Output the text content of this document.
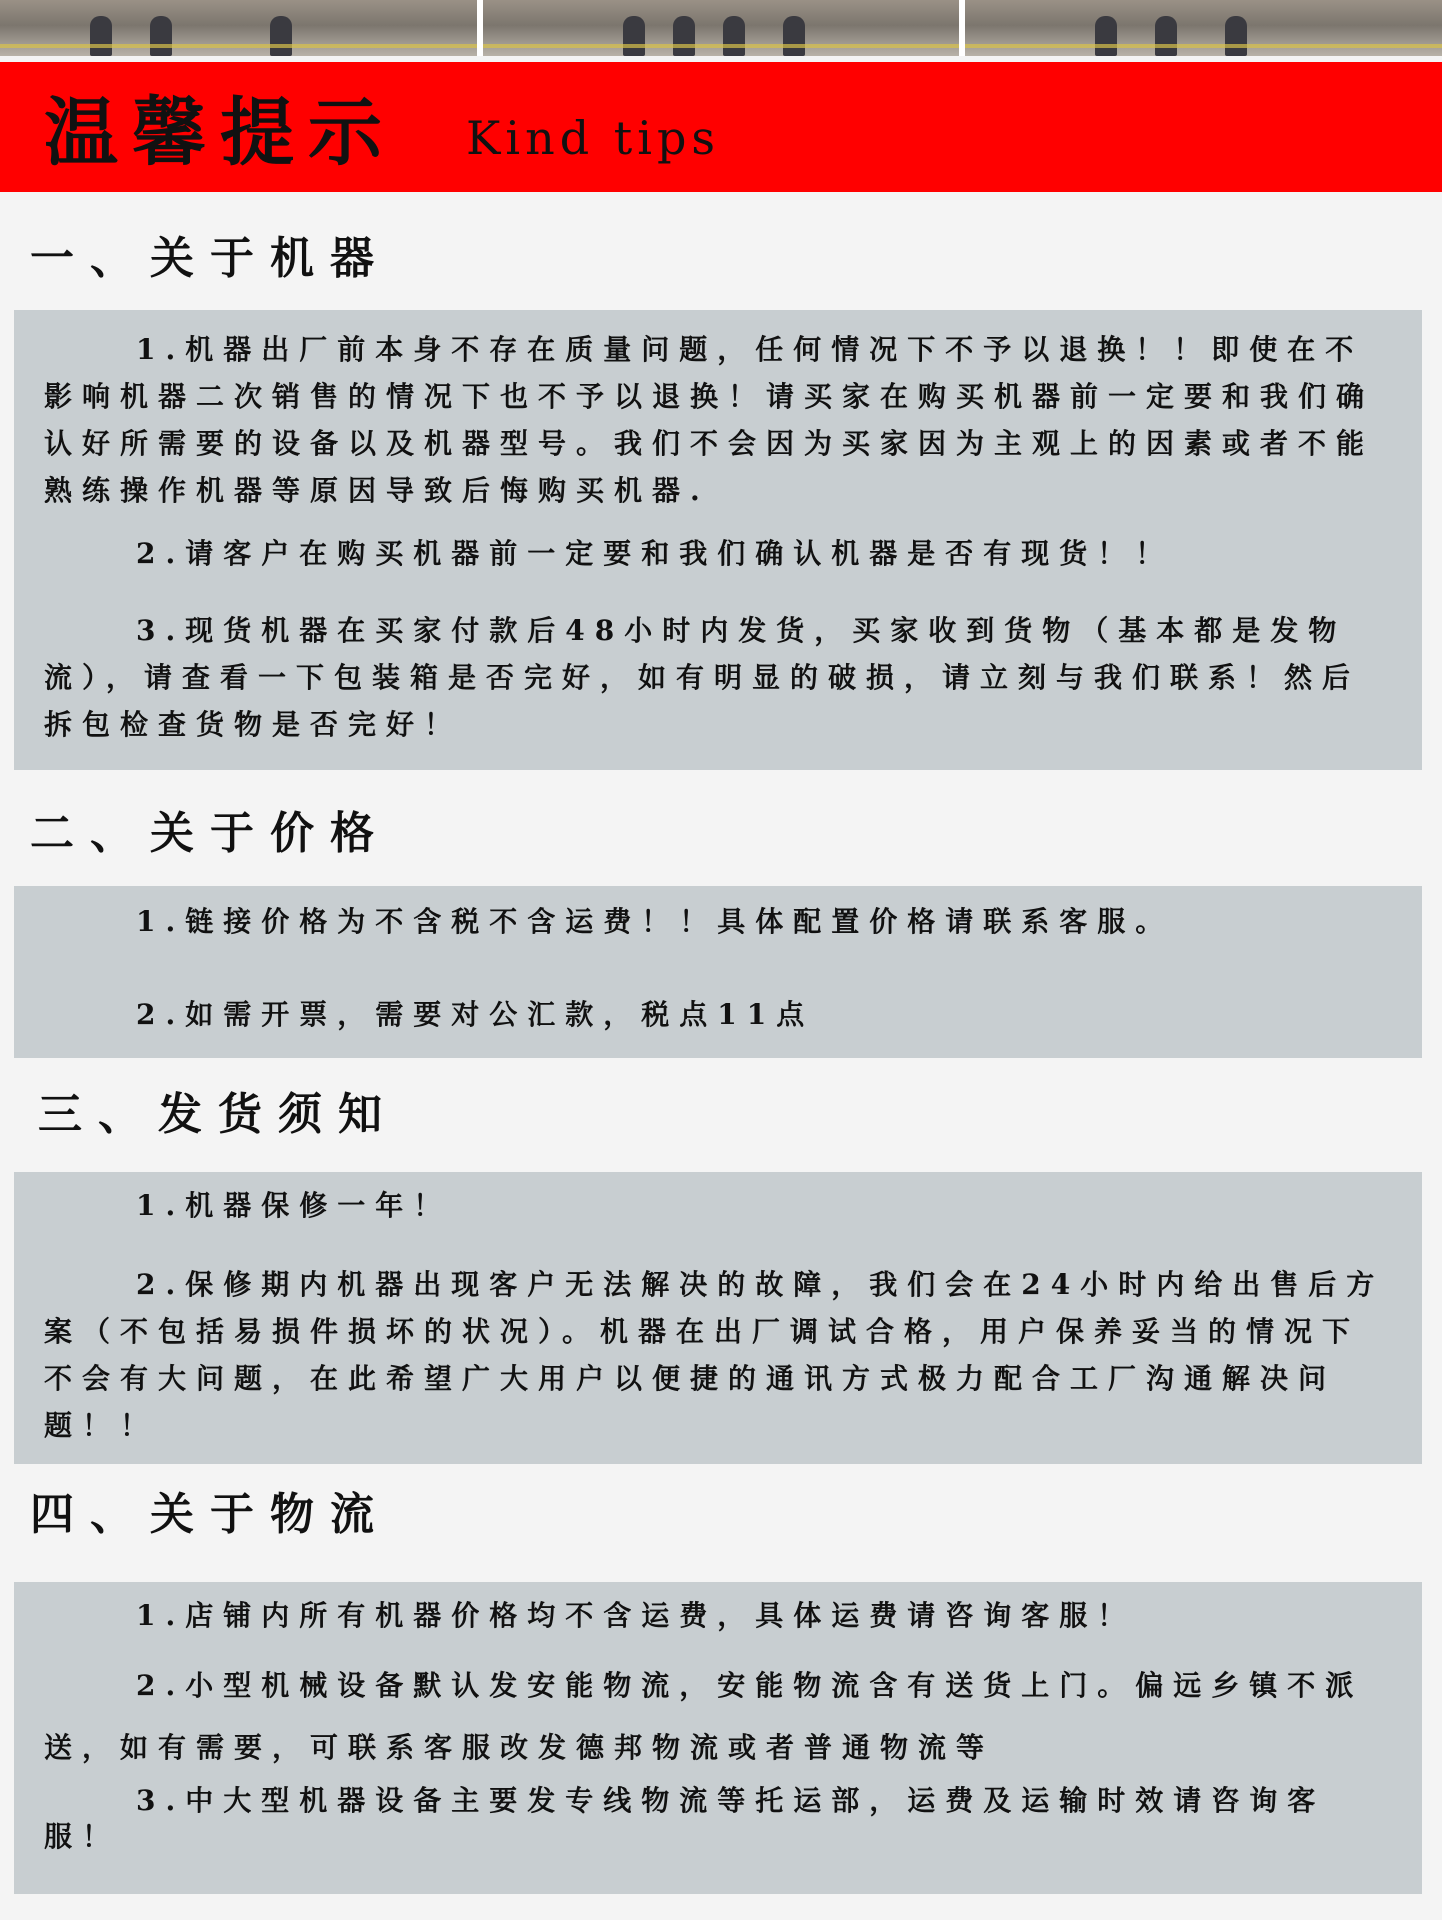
温馨提示 Kind tips
一、关于机器

1.机器出厂前本身不存在质量问题，任何情况下不予以退换！！即使在不影响机器二次销售的情况下也不予以退换！请买家在购买机器前一定要和我们确认好所需要的设备以及机器型号。我们不会因为买家因为主观上的因素或者不能熟练操作机器等原因导致后悔购买机器.

2.请客户在购买机器前一定要和我们确认机器是否有现货！！

3.现货机器在买家付款后48小时内发货，买家收到货物（基本都是发物流），请查看一下包装箱是否完好，如有明显的破损，请立刻与我们联系！然后拆包检查货物是否完好！

二、关于价格

1.链接价格为不含税不含运费！！具体配置价格请联系客服。

2.如需开票，需要对公汇款，税点11点

三、发货须知

1.机器保修一年！

2.保修期内机器出现客户无法解决的故障，我们会在24小时内给出售后方案（不包括易损件损坏的状况）。机器在出厂调试合格，用户保养妥当的情况下不会有大问题，在此希望广大用户以便捷的通讯方式极力配合工厂沟通解决问题！！

四、关于物流

1.店铺内所有机器价格均不含运费，具体运费请咨询客服！

2.小型机械设备默认发安能物流，安能物流含有送货上门。偏远乡镇不派送，如有需要，可联系客服改发德邦物流或者普通物流等

3.中大型机器设备主要发专线物流等托运部，运费及运输时效请咨询客服！
